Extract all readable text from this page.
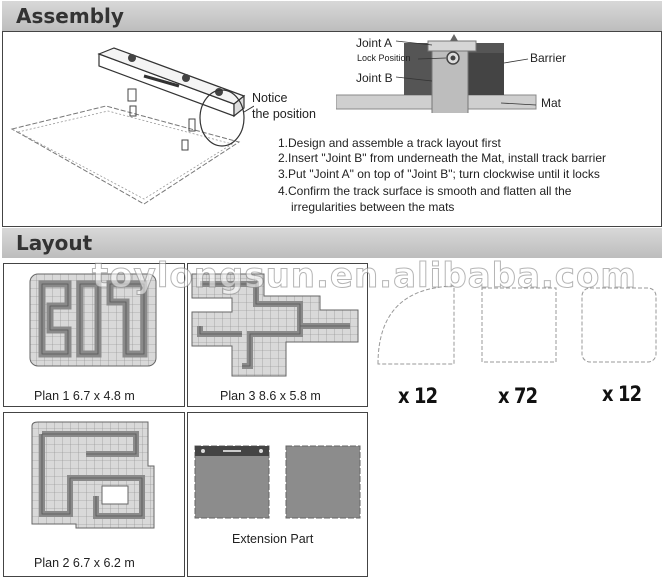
Assembly
Notice
the position
Joint A
Lock Position
Joint B
Barrier
Mat
1.Design and assemble a track layout first
2.Insert "Joint B" from underneath the Mat, install track barrier
3.Put "Joint A" on top of "Joint B"; turn clockwise until it locks
4.Confirm the track surface is smooth and flatten all the
irregularities between the mats
Layout
Plan 1 6.7 x 4.8 m	Plan 3 8.6 x 5.8 m	x 12	x 72	x 12
Plan 2 6.7 x 6.2 m
Extension Part
toylongsun.en.alibaba.com
